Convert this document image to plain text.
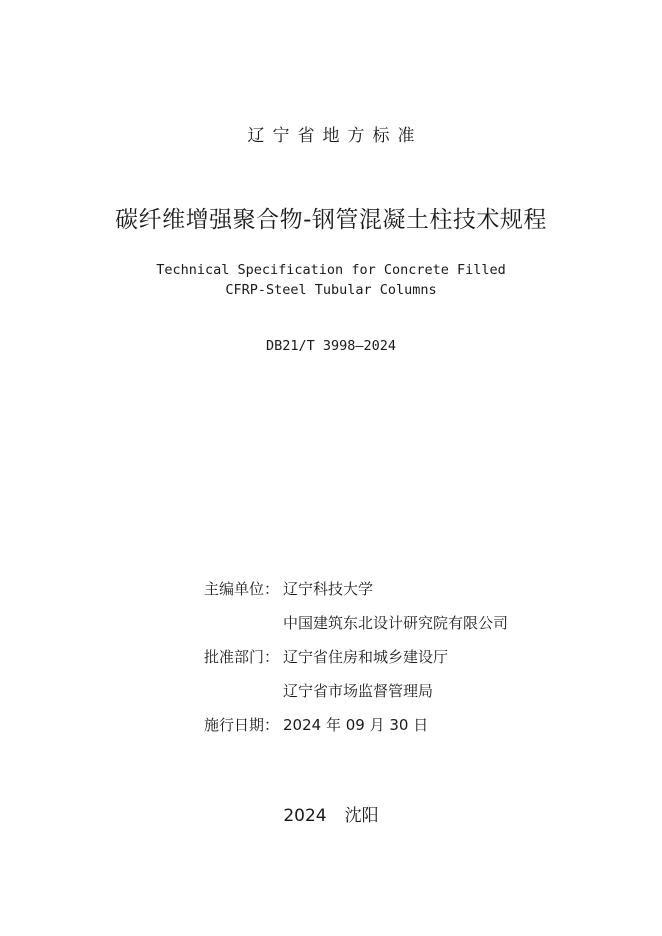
辽宁省地方标准
碳纤维增强聚合物-钢管混凝土柱技术规程
Technical Specification for Concrete Filled
CFRP-Steel Tubular Columns
DB21/T 3998—2024
主编单位： 辽宁科技大学
中国建筑东北设计研究院有限公司
批准部门： 辽宁省住房和城乡建设厅
辽宁省市场监督管理局
施行日期： 2024 年 09 月 30 日
2024 沈阳
